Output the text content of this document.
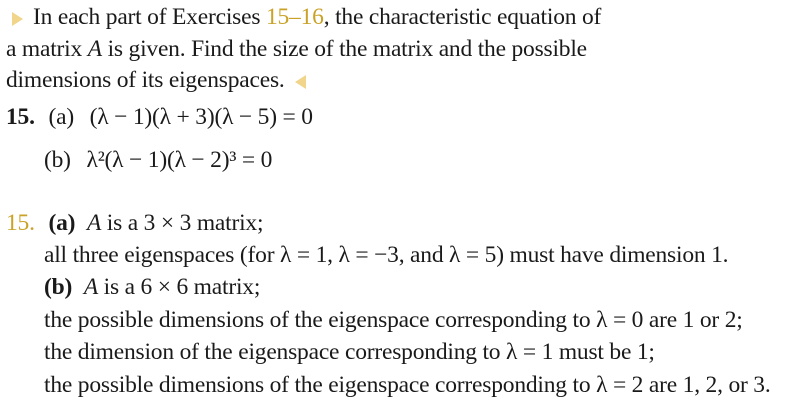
In each part of Exercises 15–16, the characteristic equation of
a matrix A is given. Find the size of the matrix and the possible
dimensions of its eigenspaces.
15. (a) (λ − 1)(λ + 3)(λ − 5) = 0
(b) λ²(λ − 1)(λ − 2)³ = 0
15. (a) A is a 3 × 3 matrix;
all three eigenspaces (for λ = 1, λ = −3, and λ = 5) must have dimension 1.
(b) A is a 6 × 6 matrix;
the possible dimensions of the eigenspace corresponding to λ = 0 are 1 or 2;
the dimension of the eigenspace corresponding to λ = 1 must be 1;
the possible dimensions of the eigenspace corresponding to λ = 2 are 1, 2, or 3.
